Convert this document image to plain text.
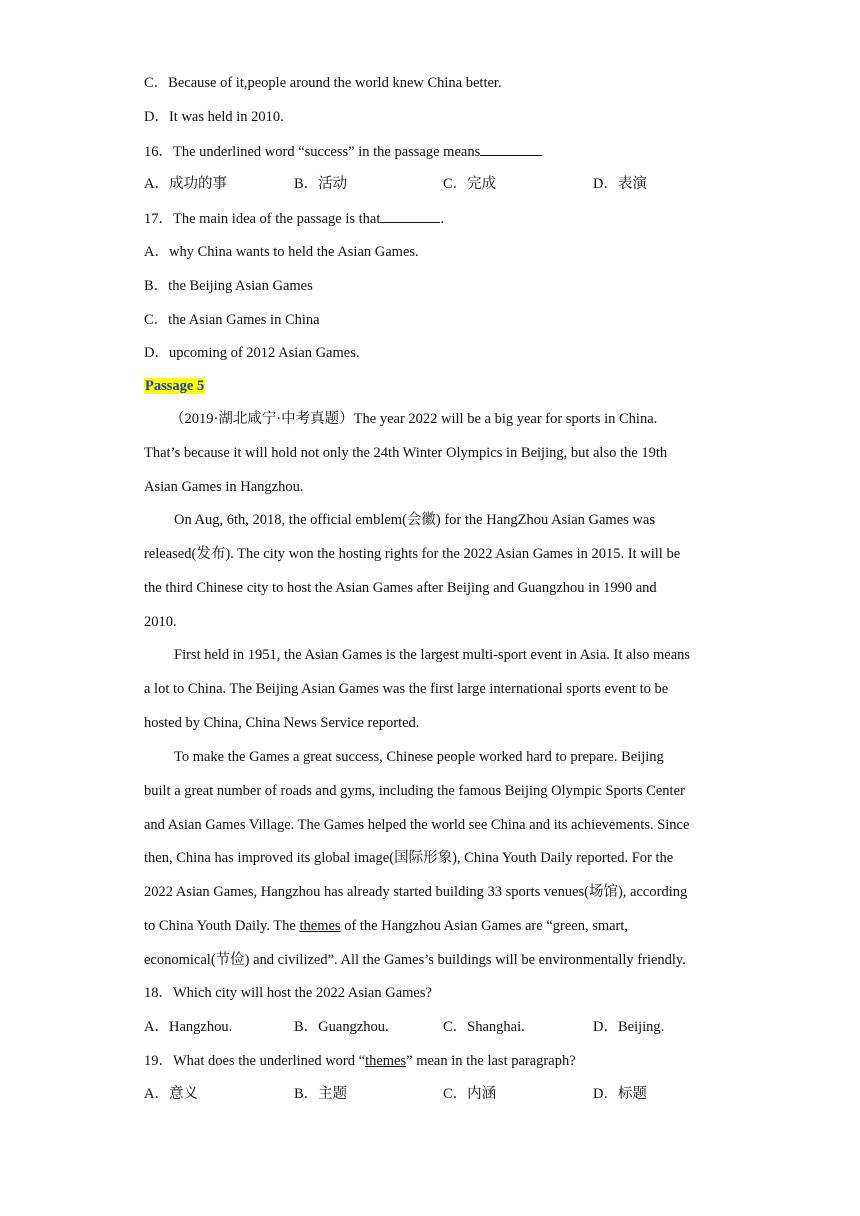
C．Because of it,people around the world knew China better.
D．It was held in 2010.
16．The underlined word “success” in the passage means
A．成功的事	B．活动	C．完成	D．表演
17．The main idea of the passage is that	.
A．why China wants to held the Asian Games.
B．the Beijing Asian Games
C．the Asian Games in China
D．upcoming of 2012 Asian Games.
Passage 5
（2019·湖北咸宁·中考真题）The year 2022 will be a big year for sports in China.
That’s because it will hold not only the 24th Winter Olympics in Beijing, but also the 19th
Asian Games in Hangzhou.
On Aug, 6th, 2018, the official emblem(会徽) for the HangZhou Asian Games was
released(发布). The city won the hosting rights for the 2022 Asian Games in 2015. It will be
the third Chinese city to host the Asian Games after Beijing and Guangzhou in 1990 and
2010.
First held in 1951, the Asian Games is the largest multi-sport event in Asia. It also means
a lot to China. The Beijing Asian Games was the first large international sports event to be
hosted by China, China News Service reported.
To make the Games a great success, Chinese people worked hard to prepare. Beijing
built a great number of roads and gyms, including the famous Beijing Olympic Sports Center
and Asian Games Village. The Games helped the world see China and its achievements. Since
then, China has improved its global image(国际形象), China Youth Daily reported. For the
2022 Asian Games, Hangzhou has already started building 33 sports venues(场馆), according
to China Youth Daily. The themes of the Hangzhou Asian Games are “green, smart,
economical(节俭) and civilized”. All the Games’s buildings will be environmentally friendly.
18．Which city will host the 2022 Asian Games?
A．Hangzhou.	B．Guangzhou.	C．Shanghai.	D．Beijing.
19．What does the underlined word “themes” mean in the last paragraph?
A．意义	B．主题	C．内涵	D．标题
